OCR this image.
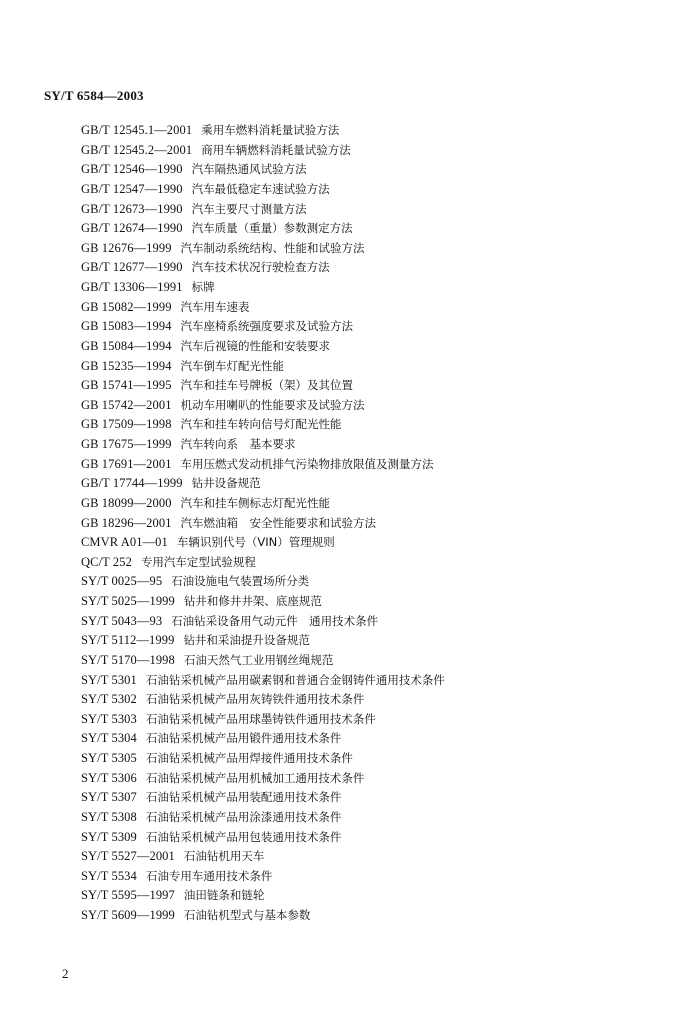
SY/T 6584—2003
GB/T 12545.1—2001 乘用车燃料消耗量试验方法
GB/T 12545.2—2001 商用车辆燃料消耗量试验方法
GB/T 12546—1990 汽车隔热通风试验方法
GB/T 12547—1990 汽车最低稳定车速试验方法
GB/T 12673—1990 汽车主要尺寸测量方法
GB/T 12674—1990 汽车质量（重量）参数测定方法
GB 12676—1999 汽车制动系统结构、性能和试验方法
GB/T 12677—1990 汽车技术状况行驶检查方法
GB/T 13306—1991 标牌
GB 15082—1999 汽车用车速表
GB 15083—1994 汽车座椅系统强度要求及试验方法
GB 15084—1994 汽车后视镜的性能和安装要求
GB 15235—1994 汽车倒车灯配光性能
GB 15741—1995 汽车和挂车号牌板（架）及其位置
GB 15742—2001 机动车用喇叭的性能要求及试验方法
GB 17509—1998 汽车和挂车转向信号灯配光性能
GB 17675—1999 汽车转向系　基本要求
GB 17691—2001 车用压燃式发动机排气污染物排放限值及测量方法
GB/T 17744—1999 钻井设备规范
GB 18099—2000 汽车和挂车侧标志灯配光性能
GB 18296—2001 汽车燃油箱　安全性能要求和试验方法
CMVR A01—01 车辆识别代号（VIN）管理规则
QC/T 252 专用汽车定型试验规程
SY/T 0025—95 石油设施电气装置场所分类
SY/T 5025—1999 钻井和修井井架、底座规范
SY/T 5043—93 石油钻采设备用气动元件　通用技术条件
SY/T 5112—1999 钻井和采油提升设备规范
SY/T 5170—1998 石油天然气工业用钢丝绳规范
SY/T 5301 石油钻采机械产品用碳素钢和普通合金钢铸件通用技术条件
SY/T 5302 石油钻采机械产品用灰铸铁件通用技术条件
SY/T 5303 石油钻采机械产品用球墨铸铁件通用技术条件
SY/T 5304 石油钻采机械产品用锻件通用技术条件
SY/T 5305 石油钻采机械产品用焊接件通用技术条件
SY/T 5306 石油钻采机械产品用机械加工通用技术条件
SY/T 5307 石油钻采机械产品用装配通用技术条件
SY/T 5308 石油钻采机械产品用涂漆通用技术条件
SY/T 5309 石油钻采机械产品用包装通用技术条件
SY/T 5527—2001 石油钻机用天车
SY/T 5534 石油专用车通用技术条件
SY/T 5595—1997 油田链条和链轮
SY/T 5609—1999 石油钻机型式与基本参数
2
